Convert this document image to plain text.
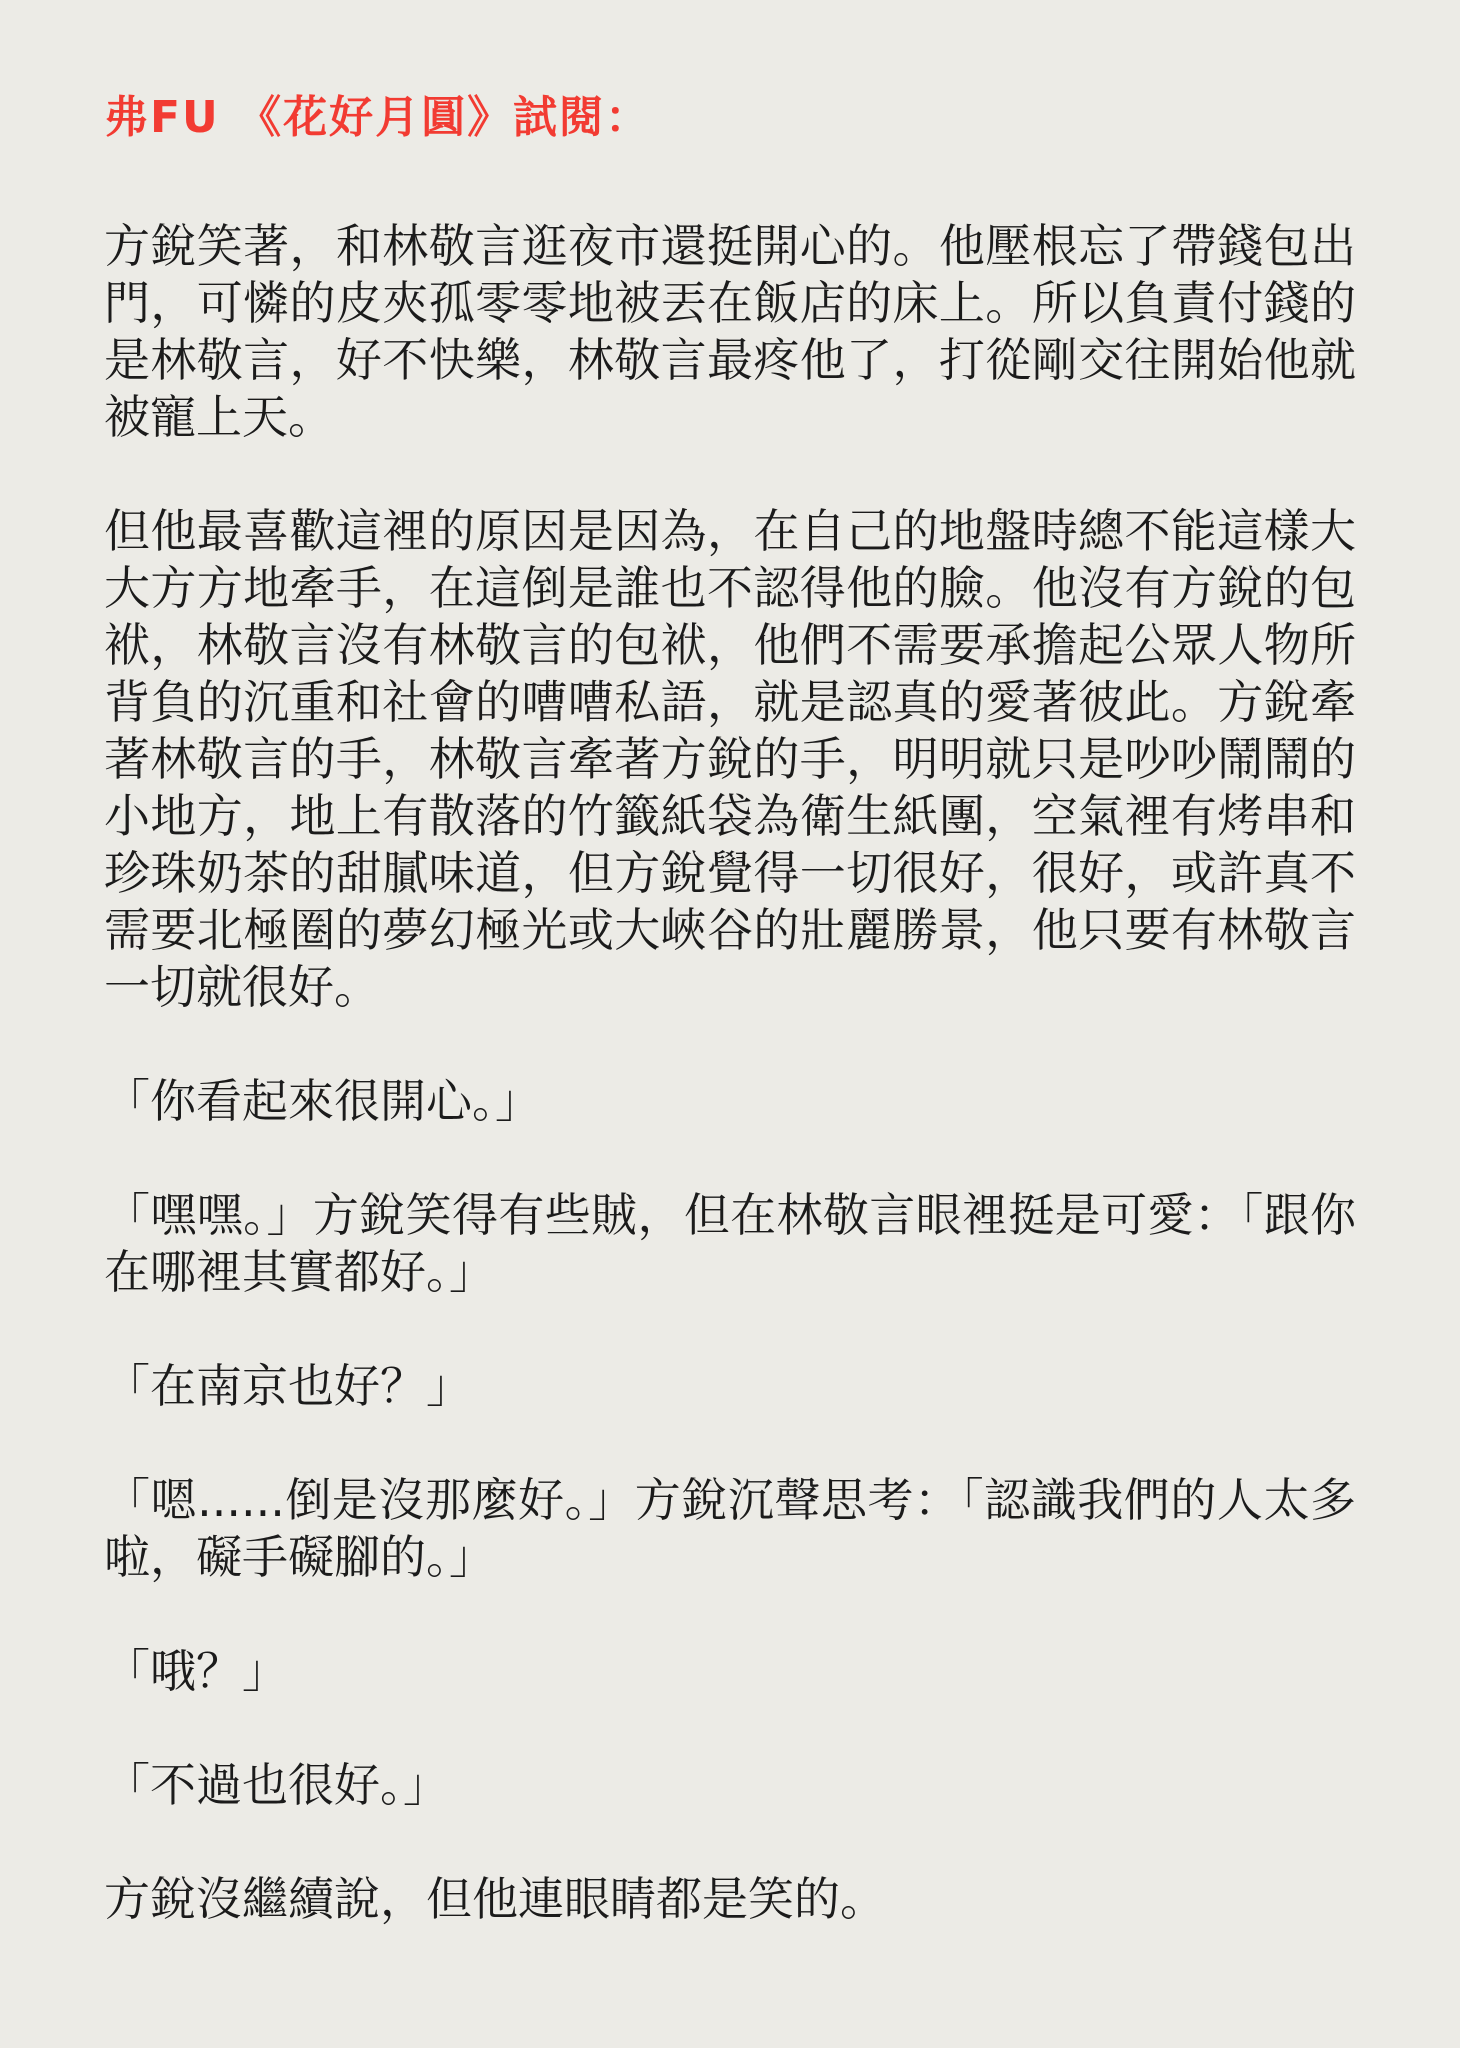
弗FU 《花好月圓》試閱：

方銳笑著，和林敬言逛夜市還挺開心的。他壓根忘了帶錢包出門，可憐的皮夾孤零零地被丟在飯店的床上。所以負責付錢的是林敬言，好不快樂，林敬言最疼他了，打從剛交往開始他就被寵上天。

但他最喜歡這裡的原因是因為，在自己的地盤時總不能這樣大大方方地牽手，在這倒是誰也不認得他的臉。他沒有方銳的包袱，林敬言沒有林敬言的包袱，他們不需要承擔起公眾人物所背負的沉重和社會的嘈嘈私語，就是認真的愛著彼此。方銳牽著林敬言的手，林敬言牽著方銳的手，明明就只是吵吵鬧鬧的小地方，地上有散落的竹籤紙袋為衛生紙團，空氣裡有烤串和珍珠奶茶的甜膩味道，但方銳覺得一切很好，很好，或許真不需要北極圈的夢幻極光或大峽谷的壯麗勝景，他只要有林敬言一切就很好。

「你看起來很開心。」

「嘿嘿。」方銳笑得有些賊，但在林敬言眼裡挺是可愛：「跟你在哪裡其實都好。」

「在南京也好？」

「嗯......倒是沒那麼好。」方銳沉聲思考：「認識我們的人太多啦，礙手礙腳的。」

「哦？」

「不過也很好。」

方銳沒繼續說，但他連眼睛都是笑的。
